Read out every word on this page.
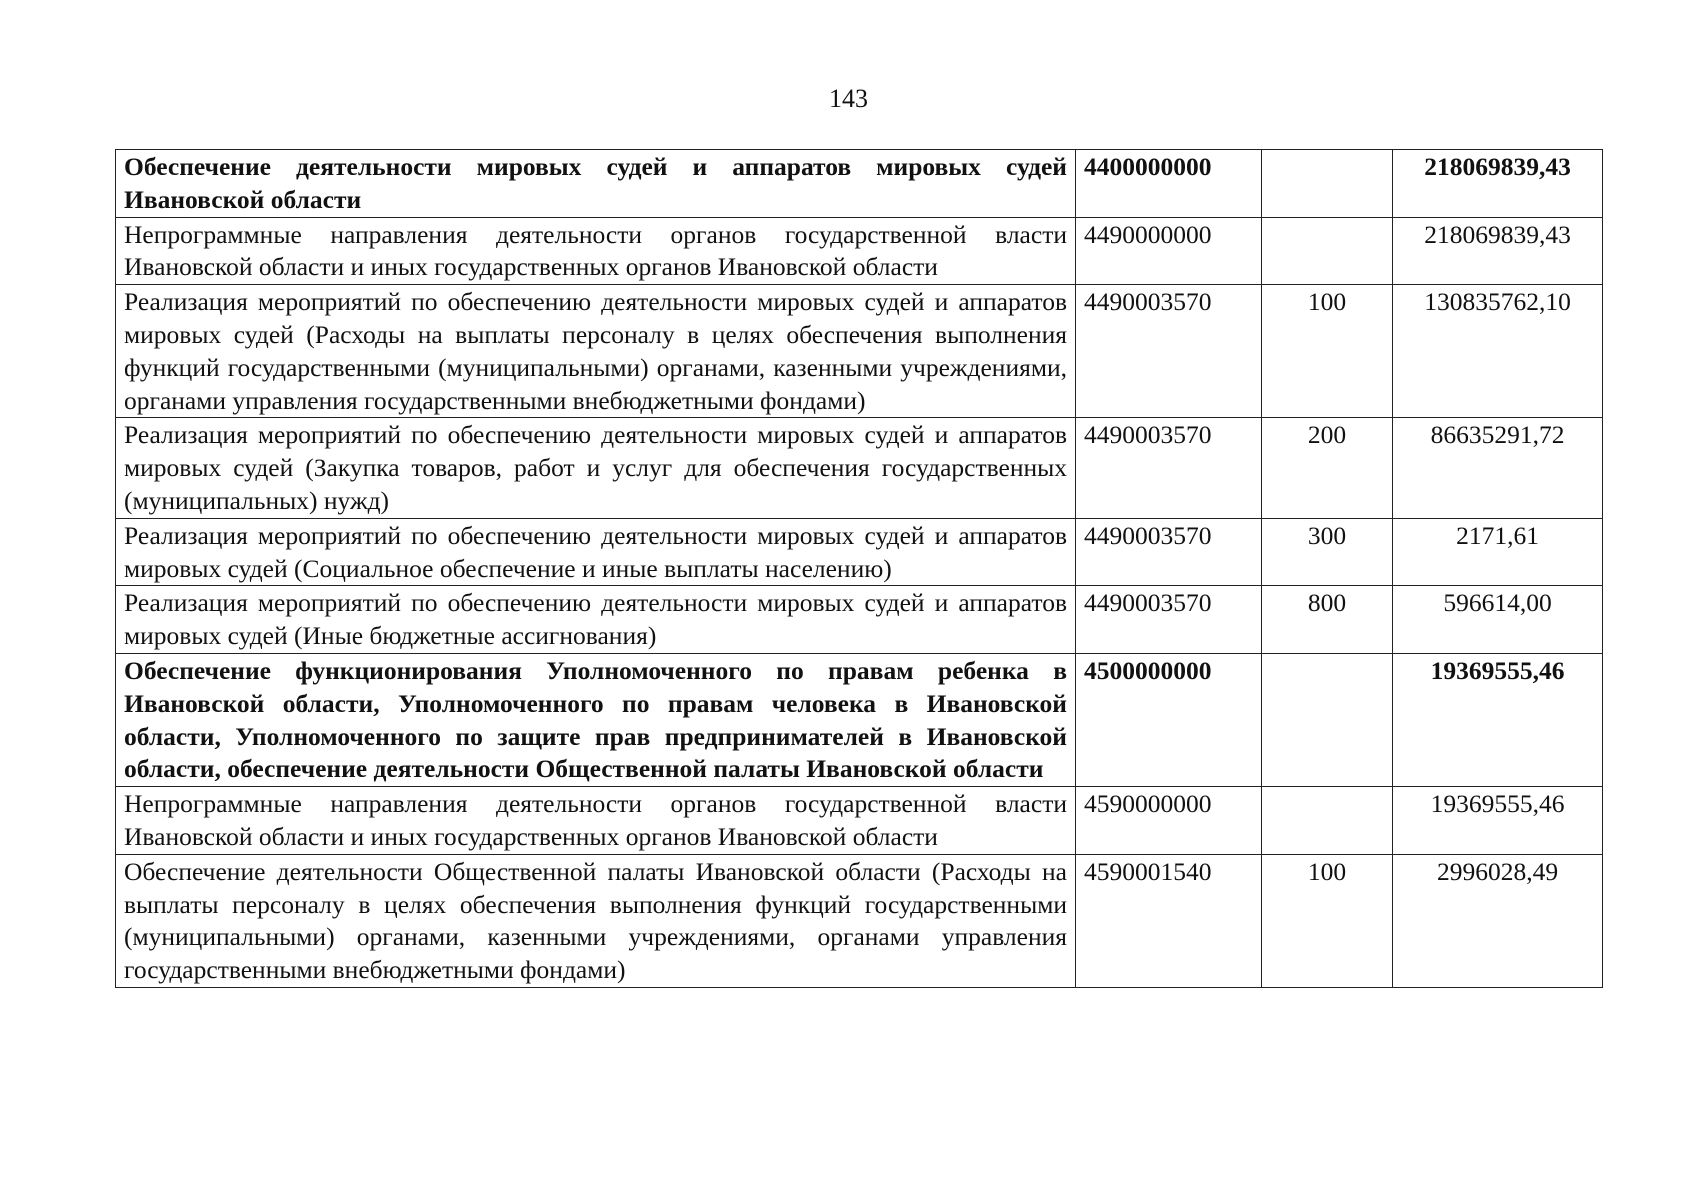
143
Обеспечение деятельности мировых судей и аппаратов мировых судей Ивановской области	4400000000		218069839,43
Непрограммные направления деятельности органов государственной власти Ивановской области и иных государственных органов Ивановской области	4490000000		218069839,43
Реализация мероприятий по обеспечению деятельности мировых судей и аппаратов мировых судей (Расходы на выплаты персоналу в целях обеспечения выполнения функций государственными (муниципальными) органами, казенными учреждениями, органами управления государственными внебюджетными фондами)	4490003570	100	130835762,10
Реализация мероприятий по обеспечению деятельности мировых судей и аппаратов мировых судей (Закупка товаров, работ и услуг для обеспечения государственных (муниципальных) нужд)	4490003570	200	86635291,72
Реализация мероприятий по обеспечению деятельности мировых судей и аппаратов мировых судей (Социальное обеспечение и иные выплаты населению)	4490003570	300	2171,61
Реализация мероприятий по обеспечению деятельности мировых судей и аппаратов мировых судей (Иные бюджетные ассигнования)	4490003570	800	596614,00
Обеспечение функционирования Уполномоченного по правам ребенка в Ивановской области, Уполномоченного по правам человека в Ивановской области, Уполномоченного по защите прав предпринимателей в Ивановской области, обеспечение деятельности Общественной палаты Ивановской области	4500000000		19369555,46
Непрограммные направления деятельности органов государственной власти Ивановской области и иных государственных органов Ивановской области	4590000000		19369555,46
Обеспечение деятельности Общественной палаты Ивановской области (Расходы на выплаты персоналу в целях обеспечения выполнения функций государственными (муниципальными) органами, казенными учреждениями, органами управления государственными внебюджетными фондами)	4590001540	100	2996028,49
